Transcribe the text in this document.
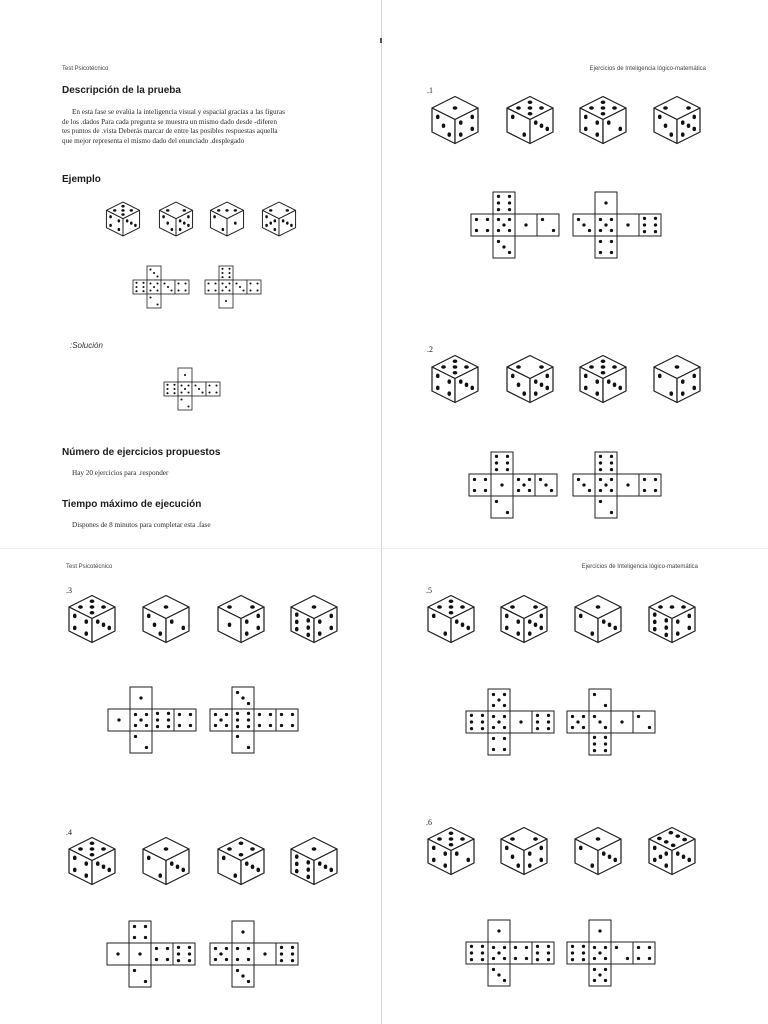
Test Psicotécnico
Descripción de la prueba
En esta fase se evalúa la inteligencia visual y espacial gracias a las figuras
de los .dados Para cada pregunta se muestra un mismo dado desde -diferen
tes puntos de .vista Deberás marcar de entre las posibles respuestas aquella
que mejor representa el mismo dado del enunciado .desplegado
Ejemplo
:Solución
Número de ejercicios propuestos
Hay 20 ejercicios para .responder
Tiempo máximo de ejecución
Dispones de 8 minutos para completar esta .fase
Ejercicios de Inteligencia lógico-matemática
.1
.2
Test Psicotécnico
.3
.4
Ejercicios de Inteligencia lógico-matemática
.5
.6
